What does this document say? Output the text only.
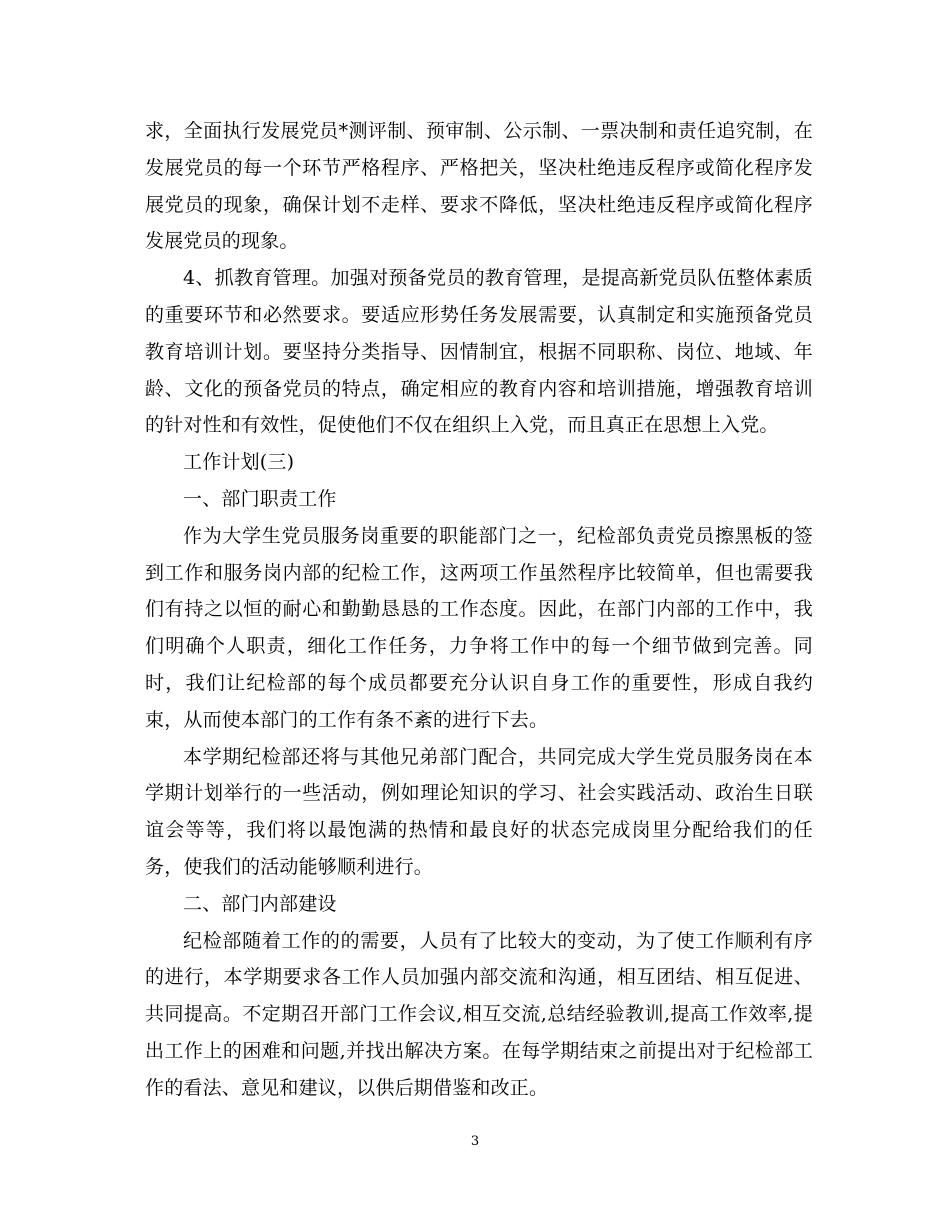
求，全面执行发展党员*测评制、预审制、公示制、一票决制和责任追究制，在发展党员的每一个环节严格程序、严格把关，坚决杜绝违反程序或简化程序发展党员的现象，确保计划不走样、要求不降低，坚决杜绝违反程序或简化程序发展党员的现象。

4、抓教育管理。加强对预备党员的教育管理，是提高新党员队伍整体素质的重要环节和必然要求。要适应形势任务发展需要，认真制定和实施预备党员教育培训计划。要坚持分类指导、因情制宜，根据不同职称、岗位、地域、年龄、文化的预备党员的特点，确定相应的教育内容和培训措施，增强教育培训的针对性和有效性，促使他们不仅在组织上入党，而且真正在思想上入党。

工作计划(三)

一、部门职责工作

作为大学生党员服务岗重要的职能部门之一，纪检部负责党员擦黑板的签到工作和服务岗内部的纪检工作，这两项工作虽然程序比较简单，但也需要我们有持之以恒的耐心和勤勤恳恳的工作态度。因此，在部门内部的工作中，我们明确个人职责，细化工作任务，力争将工作中的每一个细节做到完善。同时，我们让纪检部的每个成员都要充分认识自身工作的重要性，形成自我约束，从而使本部门的工作有条不紊的进行下去。

本学期纪检部还将与其他兄弟部门配合，共同完成大学生党员服务岗在本学期计划举行的一些活动，例如理论知识的学习、社会实践活动、政治生日联谊会等等，我们将以最饱满的热情和最良好的状态完成岗里分配给我们的任务，使我们的活动能够顺利进行。

二、部门内部建设

纪检部随着工作的的需要，人员有了比较大的变动，为了使工作顺利有序的进行，本学期要求各工作人员加强内部交流和沟通，相互团结、相互促进、共同提高。不定期召开部门工作会议,相互交流,总结经验教训,提高工作效率,提出工作上的困难和问题,并找出解决方案。在每学期结束之前提出对于纪检部工作的看法、意见和建议，以供后期借鉴和改正。

3
